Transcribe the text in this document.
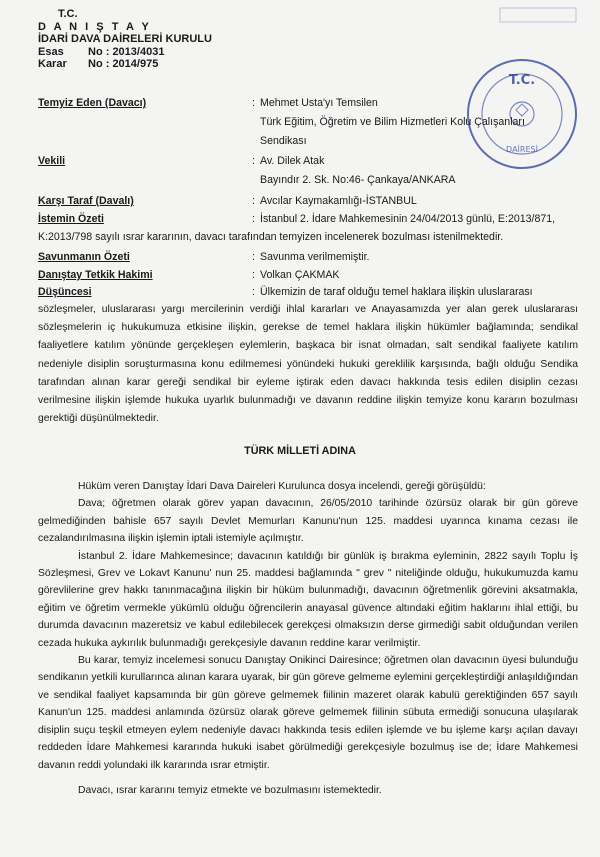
T.C.
D A N I Ş T A Y
İDARİ DAVA DAİRELERİ KURULU
Esas	No : 2013/4031
Karar	No : 2014/975
T.C.
DAİRESİ
Temyiz Eden (Davacı)	: Mehmet Usta'yı Temsilen
Türk Eğitim, Öğretim ve Bilim Hizmetleri Kolu Çalışanları
Sendikası
Vekili	: Av. Dilek Atak
Bayındır 2. Sk. No:46- Çankaya/ANKARA
Karşı Taraf (Davalı)	: Avcılar Kaymakamlığı-İSTANBUL
İstemin Özeti	: İstanbul 2. İdare Mahkemesinin 24/04/2013 günlü, E:2013/871,
K:2013/798 sayılı ısrar kararının, davacı tarafından temyizen incelenerek bozulması istenilmektedir.
Savunmanın Özeti	: Savunma verilmemiştir.
Danıştay Tetkik Hakimi	: Volkan ÇAKMAK
Düşüncesi	: Ülkemizin de taraf olduğu temel haklara ilişkin uluslararası

sözleşmeler, uluslararası yargı mercilerinin verdiği ihlal kararları ve Anayasamızda yer alan gerek uluslararası sözleşmelerin iç hukukumuza etkisine ilişkin, gerekse de temel haklara ilişkin hükümler bağlamında; sendikal faaliyetlere katılım yönünde gerçekleşen eylemlerin, başkaca bir isnat olmadan, salt sendikal faaliyete katılım nedeniyle disiplin soruşturmasına konu edilmemesi yönündeki hukuki gereklilik karşısında, bağlı olduğu Sendika tarafından alınan karar gereği sendikal bir eyleme iştirak eden davacı hakkında tesis edilen disiplin cezası verilmesine ilişkin işlemde hukuka uyarlık bulunmadığı ve davanın reddine ilişkin temyize konu kararın bozulması gerektiği düşünülmektedir.

TÜRK MİLLETİ ADINA

Hüküm veren Danıştay İdari Dava Daireleri Kurulunca dosya incelendi, gereği görüşüldü:

Dava; öğretmen olarak görev yapan davacının, 26/05/2010 tarihinde özürsüz olarak bir gün göreve gelmediğinden bahisle 657 sayılı Devlet Memurları Kanunu'nun 125. maddesi uyarınca kınama cezası ile cezalandırılmasına ilişkin işlemin iptali istemiyle açılmıştır.

İstanbul 2. İdare Mahkemesince; davacının katıldığı bir günlük iş bırakma eyleminin, 2822 sayılı Toplu İş Sözleşmesi, Grev ve Lokavt Kanunu' nun 25. maddesi bağlamında " grev " niteliğinde olduğu, hukukumuzda kamu görevlilerine grev hakkı tanınmacağına ilişkin bir hüküm bulunmadığı, davacının öğretmenlik görevini aksatmakla, eğitim ve öğretim vermekle yükümlü olduğu öğrencilerin anayasal güvence altındaki eğitim haklarını ihlal ettiği, bu durumda davacının mazeretsiz ve kabul edilebilecek gerekçesi olmaksızın derse girmediği sabit olduğundan verilen cezada hukuka aykırılık bulunmadığı gerekçesiyle davanın reddine karar verilmiştir.

Bu karar, temyiz incelemesi sonucu Danıştay Onikinci Dairesince; öğretmen olan davacının üyesi bulunduğu sendikanın yetkili kurullarınca alınan karara uyarak, bir gün göreve gelmeme eylemini gerçekleştirdiği anlaşıldığından ve sendikal faaliyet kapsamında bir gün göreve gelmemek fiilinin mazeret olarak kabulü gerektiğinden 657 sayılı Kanun'un 125. maddesi anlamında özürsüz olarak göreve gelmemek fiilinin sübuta ermediği sonucuna ulaşılarak disiplin suçu teşkil etmeyen eylem nedeniyle davacı hakkında tesis edilen işlemde ve bu işleme karşı açılan davayı reddeden İdare Mahkemesi kararında hukuki isabet görülmediği gerekçesiyle bozulmuş ise de; İdare Mahkemesi davanın reddi yolundaki ilk kararında ısrar etmiştir.

Davacı, ısrar kararını temyiz etmekte ve bozulmasını istemektedir.
